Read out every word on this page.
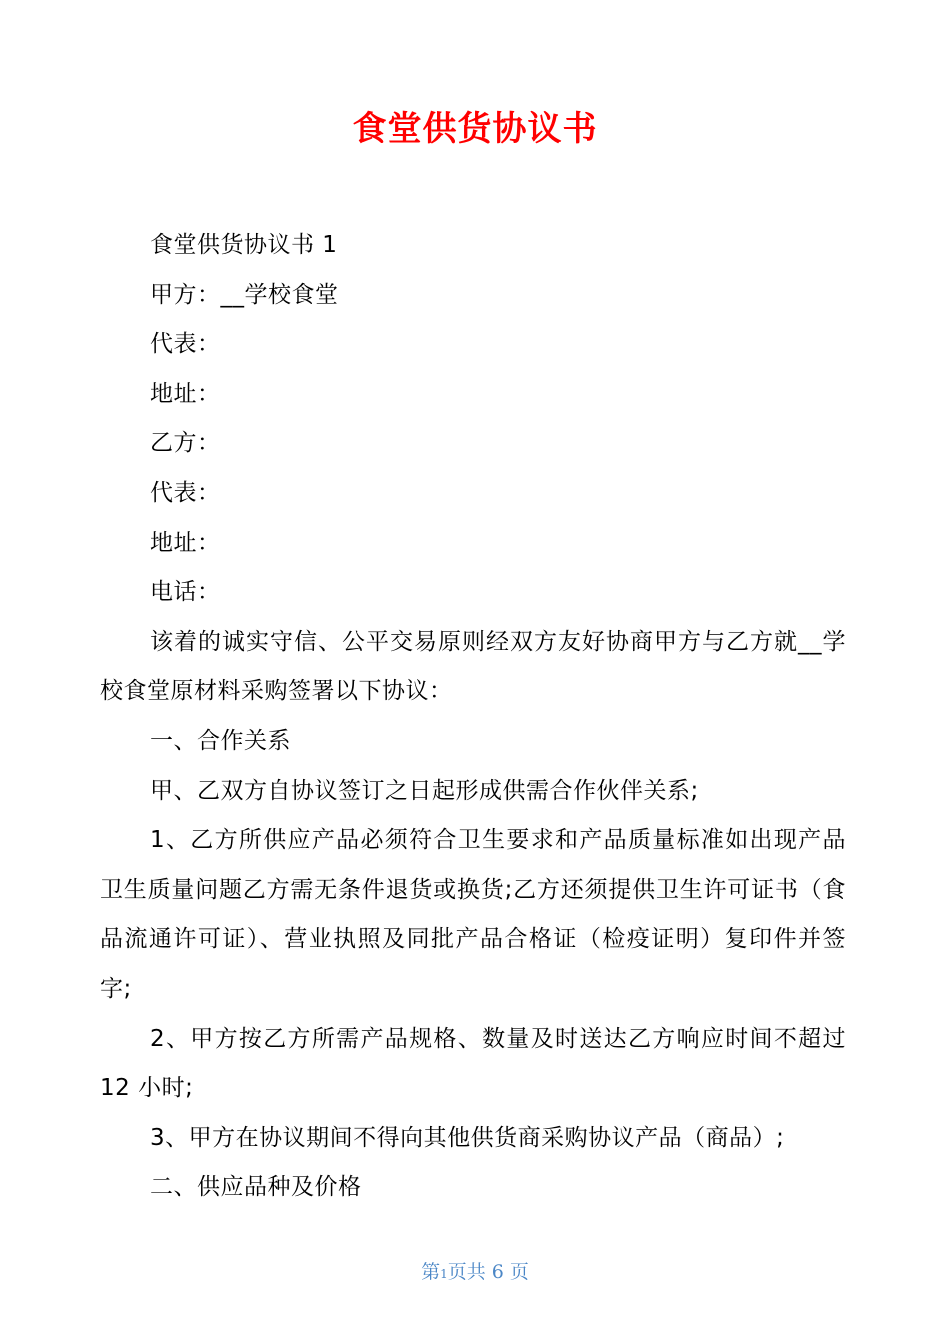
食堂供货协议书

食堂供货协议书 1

甲方：__学校食堂

代表：

地址：

乙方：

代表：

地址：

电话：

该着的诚实守信、公平交易原则经双方友好协商甲方与乙方就__学校食堂原材料采购签署以下协议：

一、合作关系

甲、乙双方自协议签订之日起形成供需合作伙伴关系;

1、乙方所供应产品必须符合卫生要求和产品质量标准如出现产品卫生质量问题乙方需无条件退货或换货;乙方还须提供卫生许可证书（食品流通许可证）、营业执照及同批产品合格证（检疫证明）复印件并签字;

2、甲方按乙方所需产品规格、数量及时送达乙方响应时间不超过 12 小时;

3、甲方在协议期间不得向其他供货商采购协议产品（商品）;

二、供应品种及价格

第1页共 6 页
